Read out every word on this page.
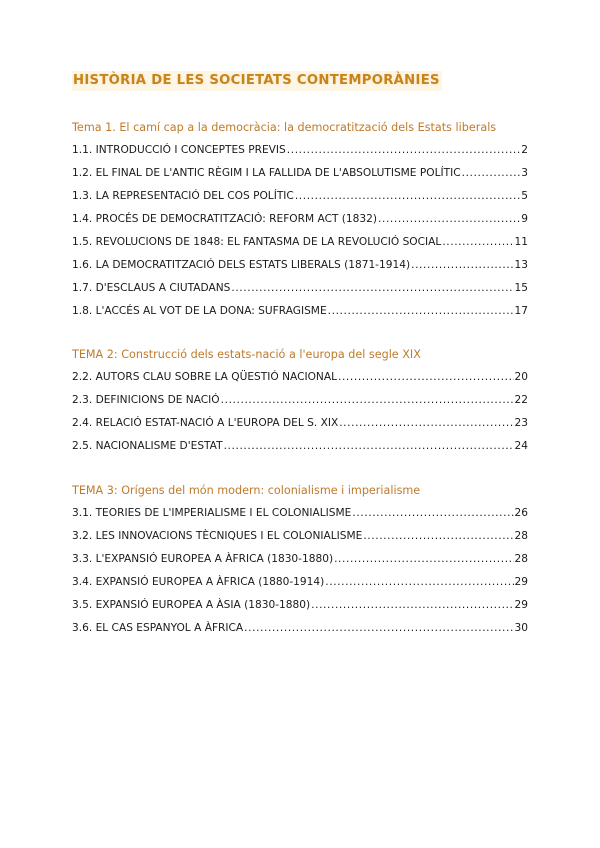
HISTÒRIA DE LES SOCIETATS CONTEMPORÀNIES
Tema 1. El camí cap a la democràcia: la democratització dels Estats liberals
1.1. INTRODUCCIÓ I CONCEPTES PREVIS .....	2
1.2. EL FINAL DE L'ANTIC RÈGIM I LA FALLIDA DE L'ABSOLUTISME POLÍTIC .....	3
1.3. LA REPRESENTACIÓ DEL COS POLÍTIC .....	5
1.4. PROCÉS DE DEMOCRATITZACIÓ: REFORM ACT (1832) .....	9
1.5. REVOLUCIONS DE 1848: EL FANTASMA DE LA REVOLUCIÓ SOCIAL .....	11
1.6. LA DEMOCRATITZACIÓ DELS ESTATS LIBERALS (1871-1914) .....	13
1.7. D'ESCLAUS A CIUTADANS .....	15
1.8. L'ACCÉS AL VOT DE LA DONA: SUFRAGISME .....	17
TEMA 2: Construcció dels estats-nació a l'europa del segle XIX
2.2. AUTORS CLAU SOBRE LA QÜESTIÓ NACIONAL .....	20
2.3. DEFINICIONS DE NACIÓ .....	22
2.4. RELACIÓ ESTAT-NACIÓ A L'EUROPA DEL S. XIX .....	23
2.5. NACIONALISME D'ESTAT .....	24
TEMA 3: Orígens del món modern: colonialisme i imperialisme
3.1. TEORIES DE L'IMPERIALISME I EL COLONIALISME .....	26
3.2. LES INNOVACIONS TÈCNIQUES I EL COLONIALISME .....	28
3.3. L'EXPANSIÓ EUROPEA A ÀFRICA (1830-1880) .....	28
3.4. EXPANSIÓ EUROPEA A ÀFRICA (1880-1914) .....	29
3.5. EXPANSIÓ EUROPEA A ÀSIA (1830-1880) .....	29
3.6. EL CAS ESPANYOL A ÀFRICA .....	30
